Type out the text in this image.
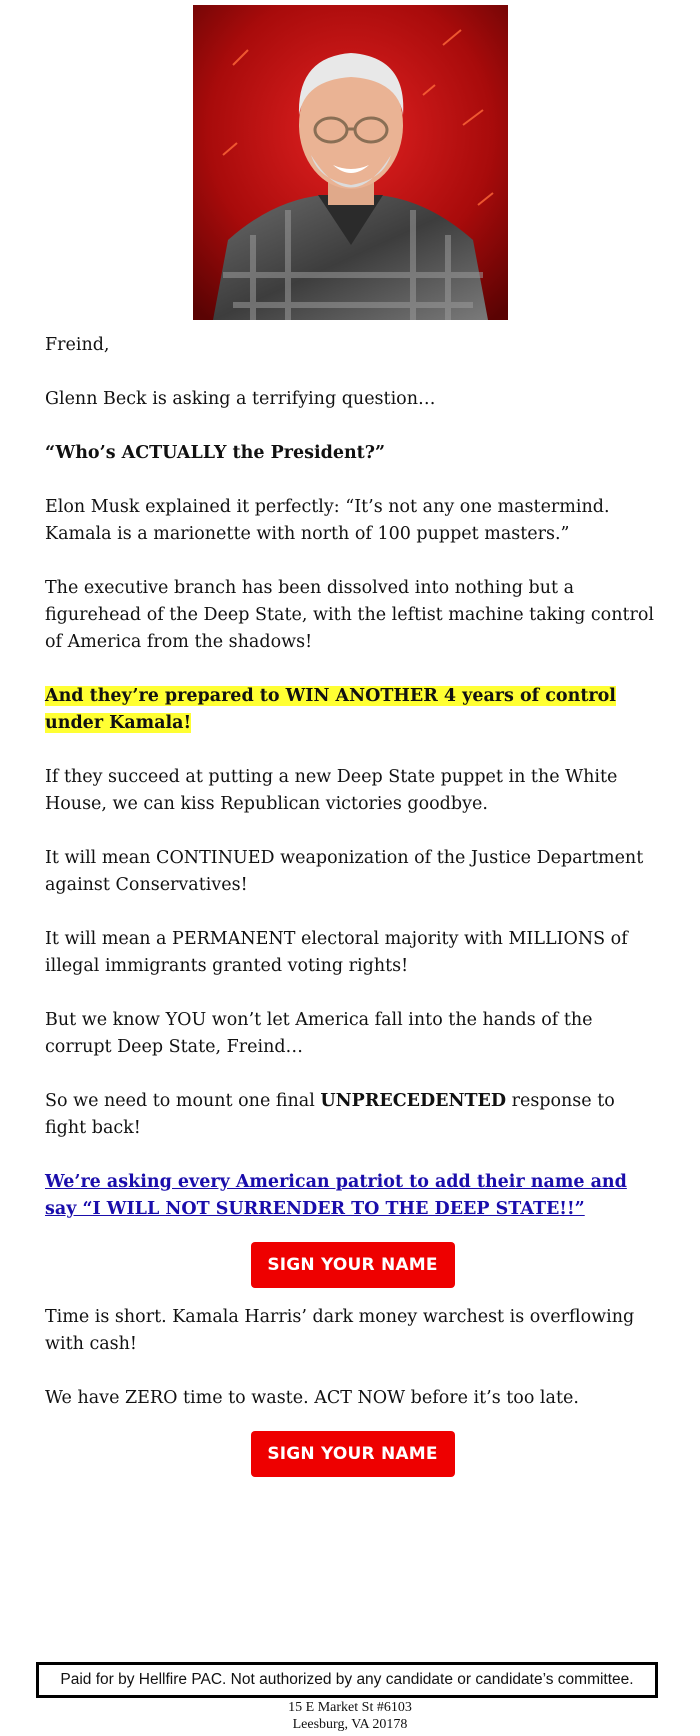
Freind,

Glenn Beck is asking a terrifying question…

“Who’s ACTUALLY the President?”

Elon Musk explained it perfectly: “It’s not any one mastermind. Kamala is a marionette with north of 100 puppet masters.”

The executive branch has been dissolved into nothing but a figurehead of the Deep State, with the leftist machine taking control of America from the shadows!

And they’re prepared to WIN ANOTHER 4 years of control under Kamala!

If they succeed at putting a new Deep State puppet in the White House, we can kiss Republican victories goodbye.

It will mean CONTINUED weaponization of the Justice Department against Conservatives!

It will mean a PERMANENT electoral majority with MILLIONS of illegal immigrants granted voting rights!

But we know YOU won’t let America fall into the hands of the corrupt Deep State, Freind…

So we need to mount one final UNPRECEDENTED response to fight back!

We’re asking every American patriot to add their name and say “I WILL NOT SURRENDER TO THE DEEP STATE!!”

SIGN YOUR NAME

Time is short. Kamala Harris’ dark money warchest is overflowing with cash!

We have ZERO time to waste. ACT NOW before it’s too late.

SIGN YOUR NAME
Paid for by Hellfire PAC. Not authorized by any candidate or candidate’s committee.
15 E Market St #6103
Leesburg, VA 20178
